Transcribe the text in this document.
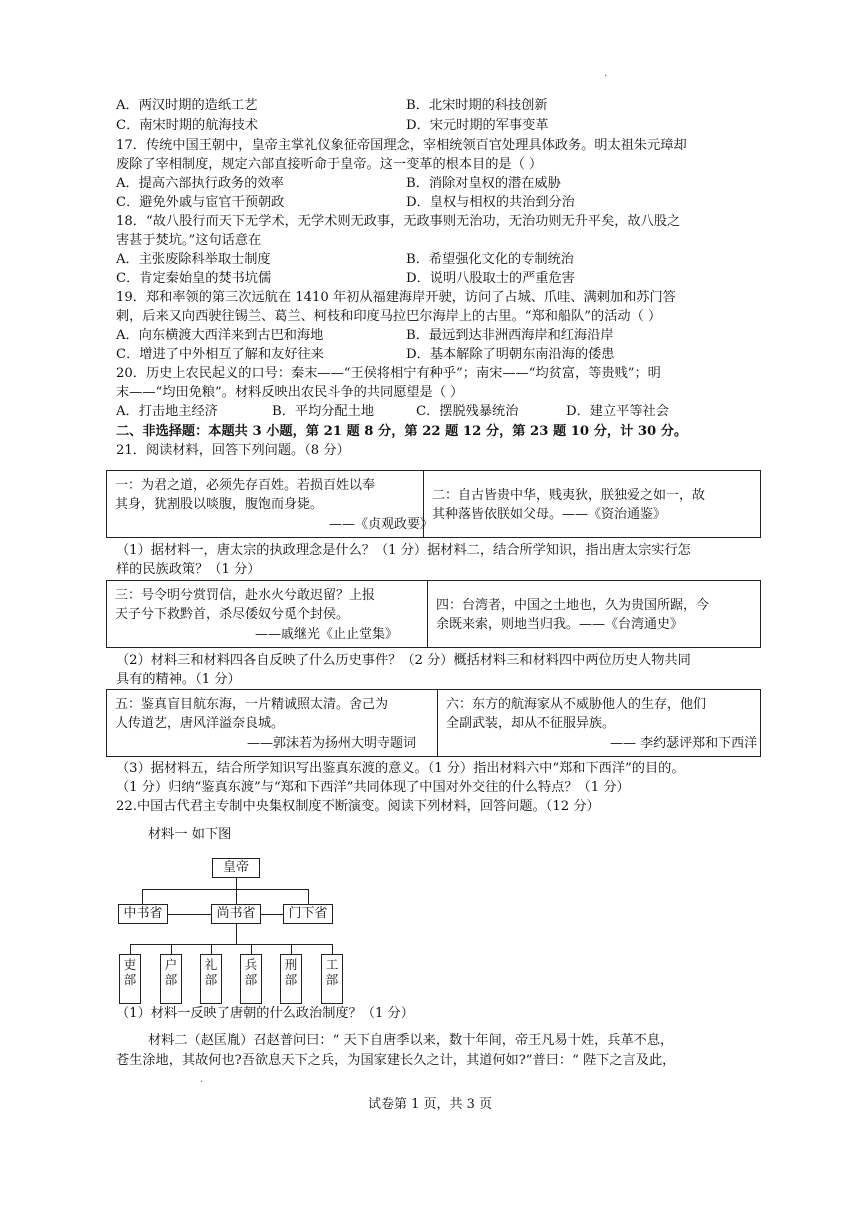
.
A．两汉时期的造纸工艺	B．北宋时期的科技创新
C．南宋时期的航海技术	D．宋元时期的军事变革
17．传统中国王朝中，皇帝主掌礼仪象征帝国理念，宰相统领百官处理具体政务。明太祖朱元璋却
废除了宰相制度，规定六部直接听命于皇帝。这一变革的根本目的是（ ）
A．提高六部执行政务的效率	B．消除对皇权的潜在威胁
C．避免外戚与宦官干预朝政	D．皇权与相权的共治到分治
18．“故八股行而天下无学术，无学术则无政事，无政事则无治功，无治功则无升平矣，故八股之
害甚于焚坑。”这句话意在
A．主张废除科举取士制度	B．希望强化文化的专制统治
C．肯定秦始皇的焚书坑儒	D．说明八股取士的严重危害
19．郑和率领的第三次远航在 1410 年初从福建海岸开驶，访问了占城、爪哇、满剌加和苏门答
剌，后来又向西驶往锡兰、葛兰、柯枝和印度马拉巴尔海岸上的古里。“郑和船队”的活动（ ）
A．向东横渡大西洋来到古巴和海地	B．最远到达非洲西海岸和红海沿岸
C．增进了中外相互了解和友好往来	D．基本解除了明朝东南沿海的倭患
20．历史上农民起义的口号：秦末——“王侯将相宁有种乎”；南宋——“均贫富，等贵贱”；明
末——“均田免粮”。材料反映出农民斗争的共同愿望是（ ）
A．打击地主经济	B．平均分配土地	C．摆脱残暴统治	D．建立平等社会
二、非选择题：本题共 3 小题，第 21 题 8 分，第 22 题 12 分，第 23 题 10 分，计 30 分。
21．阅读材料，回答下列问题。（8 分）
一：为君之道，必须先存百姓。若损百姓以奉
其身，犹割股以啖腹，腹饱而身毙。
——《贞观政要》
二：自古皆贵中华，贱夷狄，朕独爱之如一，故
其种落皆依朕如父母。——《资治通鉴》
（1）据材料一，唐太宗的执政理念是什么？（1 分）据材料二，结合所学知识，指出唐太宗实行怎
样的民族政策？（1 分）
三：号令明兮赏罚信，赴水火兮敢迟留？上报
天子兮下救黔首，杀尽倭奴兮觅个封侯。
——戚继光《止止堂集》
四：台湾者，中国之土地也，久为贵国所踞，今
余既来索，则地当归我。——《台湾通史》
（2）材料三和材料四各自反映了什么历史事件？（2 分）概括材料三和材料四中两位历史人物共同
具有的精神。（1 分）
五：鉴真盲目航东海，一片精诚照太清。舍己为
人传道艺，唐风洋溢奈良城。
——郭沫若为扬州大明寺题词
六：东方的航海家从不威胁他人的生存，他们
全副武装，却从不征服异族。
—— 李约瑟评郑和下西洋
（3）据材料五，结合所学知识写出鉴真东渡的意义。（1 分）指出材料六中“郑和下西洋”的目的。
（1 分）归纳“鉴真东渡”与“郑和下西洋”共同体现了中国对外交往的什么特点？（1 分）
22.中国古代君主专制中央集权制度不断演变。阅读下列材料，回答问题。（12 分）
材料一 如下图
皇帝
中书省	尚书省	门下省
吏
部
户
部
礼
部
兵
部
刑
部
工
部
（1）材料一反映了唐朝的什么政治制度？（1 分）
材料二（赵匡胤）召赵普问曰：“ 天下自唐季以来，数十年间，帝王凡易十姓，兵革不息，
苍生涂地，其故何也?吾欲息天下之兵，为国家建长久之计，其道何如?”普曰：“ 陛下之言及此，
.
试卷第 1 页，共 3 页
